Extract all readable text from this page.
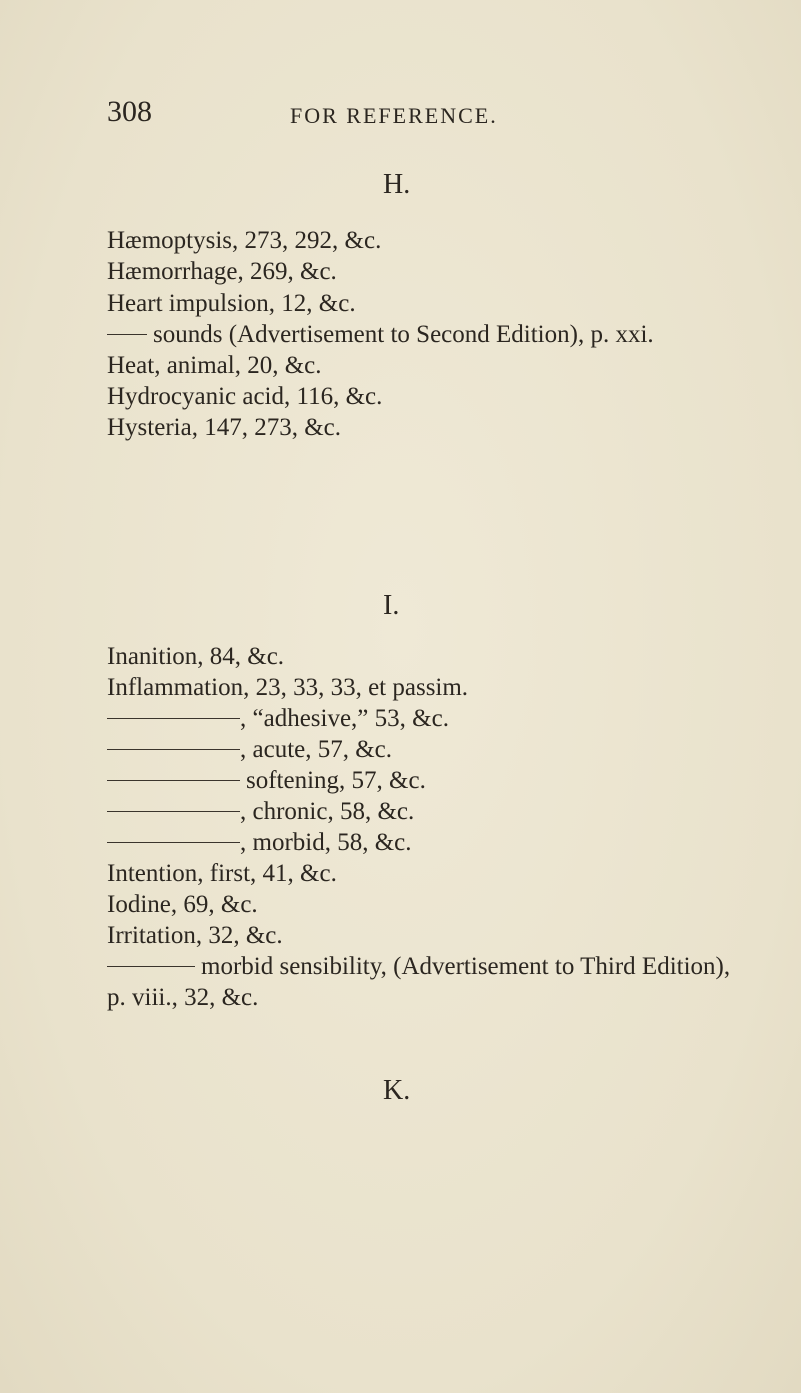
308	FOR REFERENCE.
H.
Hæmoptysis, 273, 292, &c.
Hæmorrhage, 269, &c.
Heart impulsion, 12, &c.
sounds (Advertisement to Second Edition), p. xxi.
Heat, animal, 20, &c.
Hydrocyanic acid, 116, &c.
Hysteria, 147, 273, &c.
I.
Inanition, 84, &c.
Inflammation, 23, 33, 33, et passim.
, “adhesive,” 53, &c.
, acute, 57, &c.
softening, 57, &c.
, chronic, 58, &c.
, morbid, 58, &c.
Intention, first, 41, &c.
Iodine, 69, &c.
Irritation, 32, &c.
morbid sensibility, (Advertisement to Third Edition),
p. viii., 32, &c.
K.
